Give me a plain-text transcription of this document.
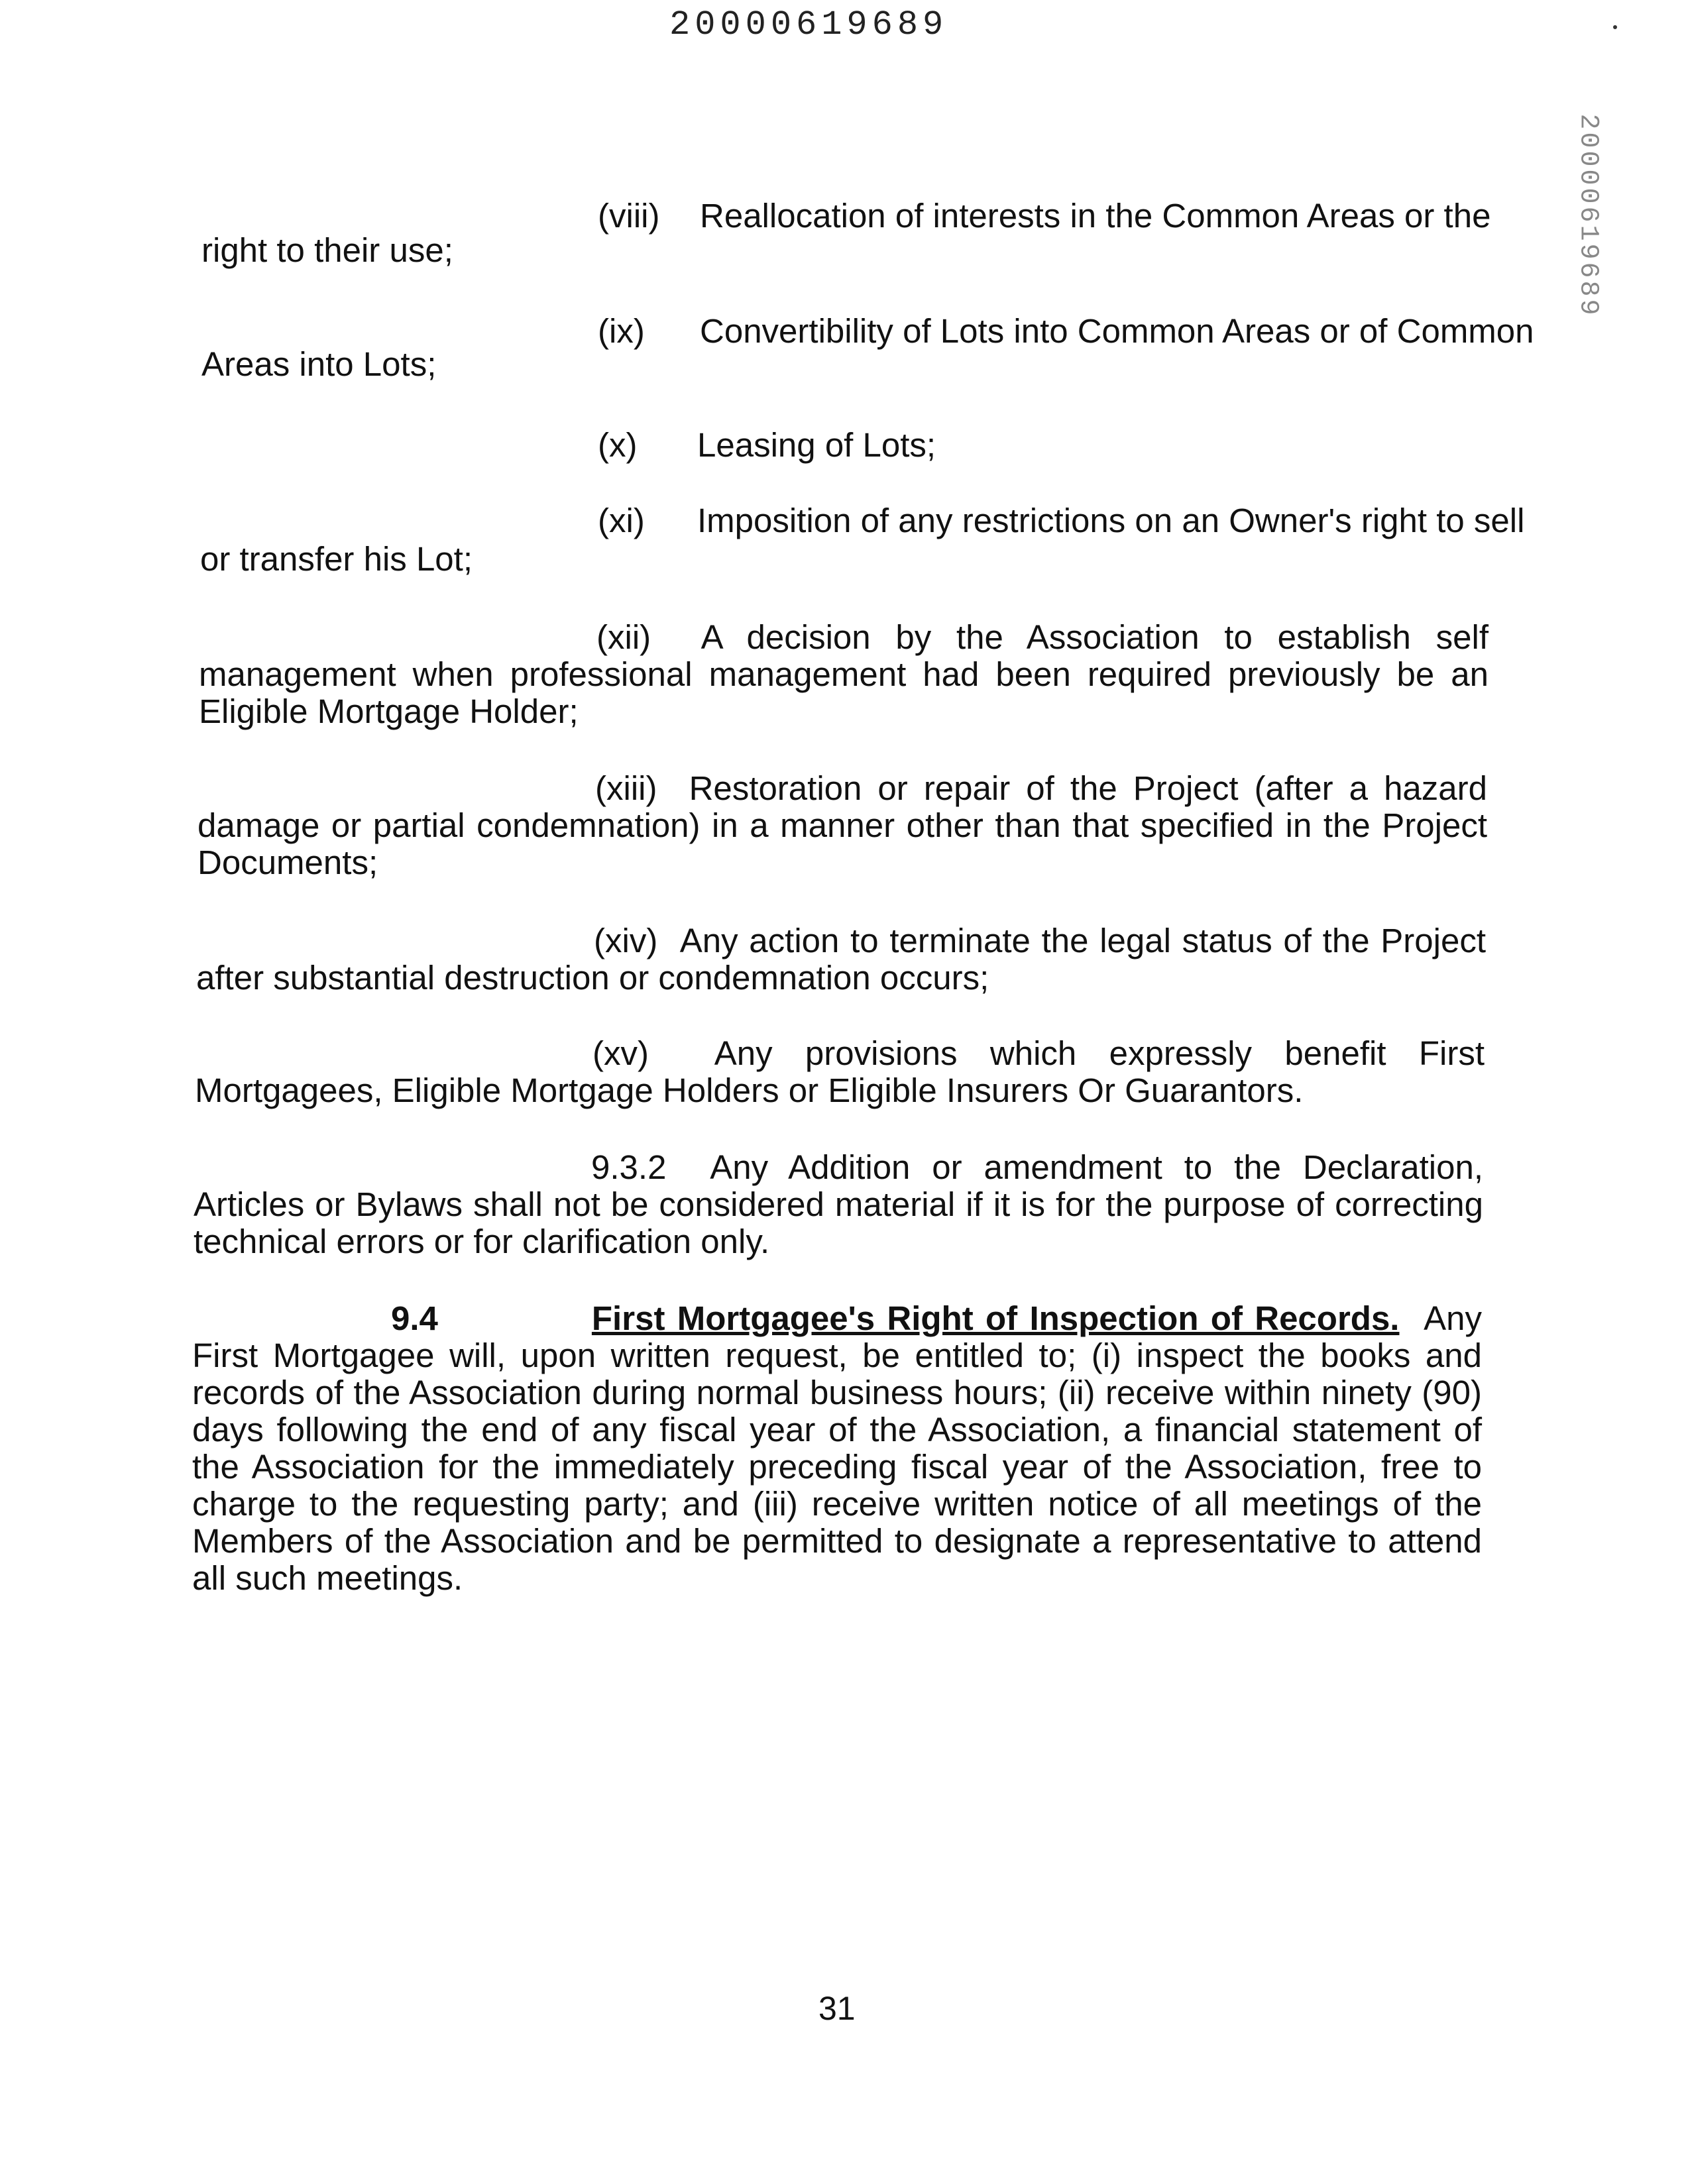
20000619689
20000619689
(viii) Reallocation of interests in the Common Areas or the
right to their use;
(ix) Convertibility of Lots into Common Areas or of Common
Areas into Lots;
(x) Leasing of Lots;
(xi) Imposition of any restrictions on an Owner's right to sell
or transfer his Lot;
(xii) A decision by the Association to establish self management when professional management had been required previously be an Eligible Mortgage Holder;
(xiii) Restoration or repair of the Project (after a hazard damage or partial condemnation) in a manner other than that specified in the Project Documents;
(xiv) Any action to terminate the legal status of the Project after substantial destruction or condemnation occurs;
(xv) Any provisions which expressly benefit First Mortgagees, Eligible Mortgage Holders or Eligible Insurers Or Guarantors.
9.3.2 Any Addition or amendment to the Declaration, Articles or Bylaws shall not be considered material if it is for the purpose of correcting technical errors or for clarification only.
9.4	First Mortgagee's Right of Inspection of Records. Any First Mortgagee will, upon written request, be entitled to; (i) inspect the books and records of the Association during normal business hours; (ii) receive within ninety (90) days following the end of any fiscal year of the Association, a financial statement of the Association for the immediately preceding fiscal year of the Association, free to charge to the requesting party; and (iii) receive written notice of all meetings of the Members of the Association and be permitted to designate a representative to attend all such meetings.
31
